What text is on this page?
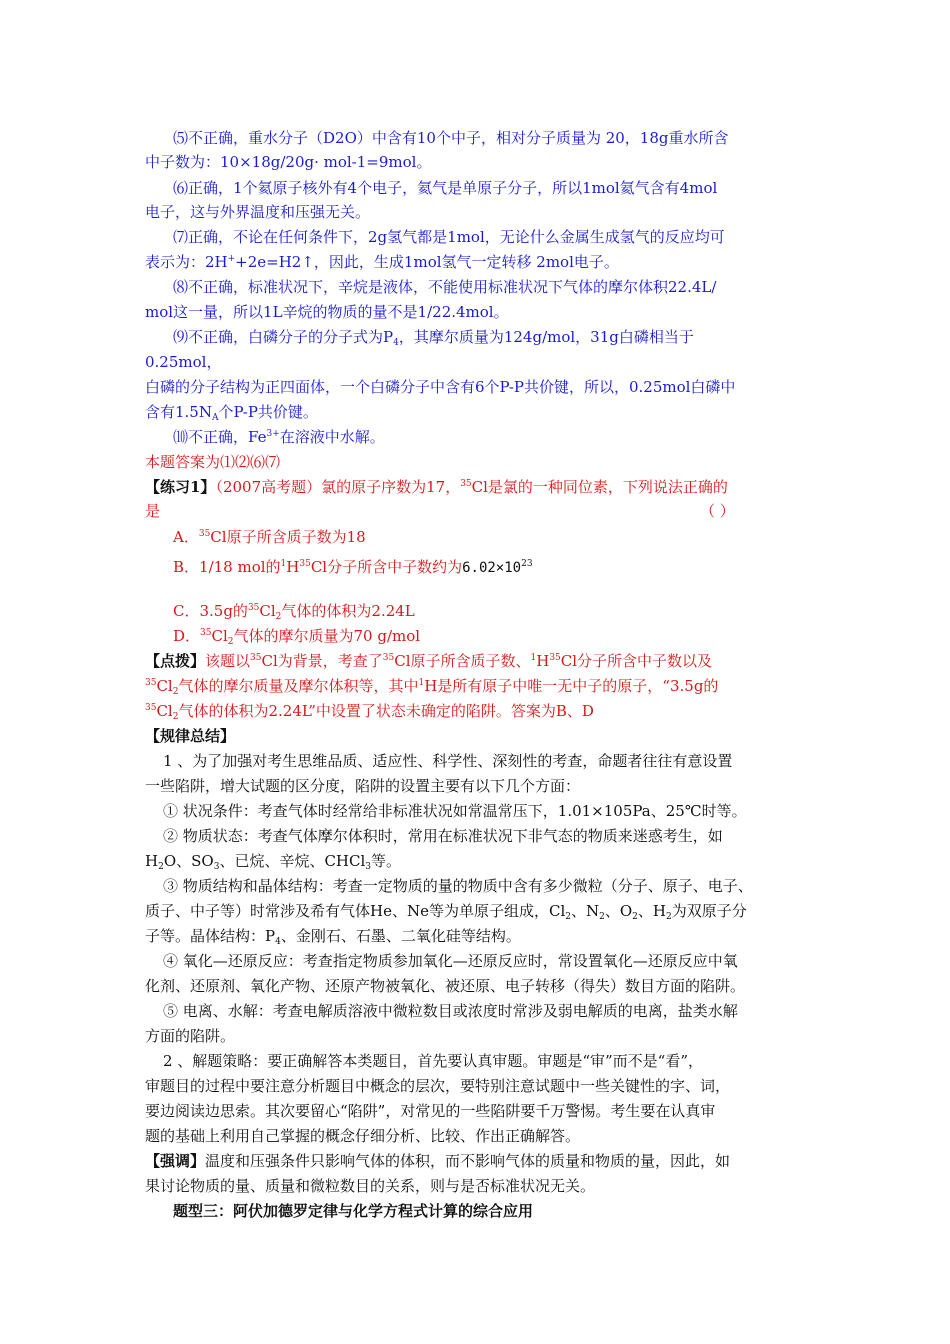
⑸不正确，重水分子（D2O）中含有10个中子，相对分子质量为 20，18g重水所含
中子数为：10×18g/20g· mol-1=9mol。
⑹正确，1个氦原子核外有4个电子，氦气是单原子分子，所以1mol氦气含有4mol
电子，这与外界温度和压强无关。
⑺正确，不论在任何条件下，2g氢气都是1mol，无论什么金属生成氢气的反应均可
表示为：2H++2e=H2↑，因此，生成1mol氢气一定转移 2mol电子。
⑻不正确，标准状况下，辛烷是液体，不能使用标准状况下气体的摩尔体积22.4L/
mol这一量，所以1L辛烷的物质的量不是1/22.4mol。
⑼不正确，白磷分子的分子式为$P_4$，其摩尔质量为124g/mol，31g白磷相当于
0.25mol，
白磷的分子结构为正四面体，一个白磷分子中含有6个P-P共价键，所以，0.25mol白磷中
含有$1.5N_A$个P-P共价键。
⑽不正确，$Fe^{3+}$在溶液中水解。
本题答案为⑴⑵⑹⑺
【练习1】（2007高考题）氯的原子序数为17，$^{35}$Cl是氯的一种同位素，下列说法正确的
是	（ ）
A．$^{35}$Cl原子所含质子数为18
B．1/18 mol的$^1H^{35}Cl$分子所含中子数约为$6.02\times 10^{23}$
C．3.5g的$^{35}Cl_2$气体的体积为2.24L
D．$^{35}Cl_2$气体的摩尔质量为70 g/mol
【点拨】该题以$^{35}$Cl为背景，考查了$^{35}$Cl原子所含质子数、$^1H^{35}Cl$分子所含中子数以及
$^{35}Cl_2$气体的摩尔质量及摩尔体积等，其中$^1$H是所有原子中唯一无中子的原子，“3.5g的
$^{35}Cl_2$气体的体积为2.24L”中设置了状态未确定的陷阱。答案为B、D
【规律总结】
1 、为了加强对考生思维品质、适应性、科学性、深刻性的考查，命题者往往有意设置
一些陷阱，增大试题的区分度，陷阱的设置主要有以下几个方面：
① 状况条件：考查气体时经常给非标准状况如常温常压下，1.01×105Pa、25℃时等。
② 物质状态：考查气体摩尔体积时，常用在标准状况下非气态的物质来迷惑考生，如
$H_2O$、$SO_3$、已烷、辛烷、CHCl$_3$等。
③ 物质结构和晶体结构：考查一定物质的量的物质中含有多少微粒（分子、原子、电子、
质子、中子等）时常涉及希有气体He、Ne等为单原子组成，$Cl_2$、$N_2$、$O_2$、$H_2$为双原子分
子等。晶体结构：$P_4$、金刚石、石墨、二氧化硅等结构。
④ 氧化—还原反应：考查指定物质参加氧化—还原反应时，常设置氧化—还原反应中氧
化剂、还原剂、氧化产物、还原产物被氧化、被还原、电子转移（得失）数目方面的陷阱。
⑤ 电离、水解：考查电解质溶液中微粒数目或浓度时常涉及弱电解质的电离，盐类水解
方面的陷阱。
2 、解题策略：要正确解答本类题目，首先要认真审题。审题是“审”而不是“看”，
审题目的过程中要注意分析题目中概念的层次，要特别注意试题中一些关键性的字、词，
要边阅读边思索。其次要留心“陷阱”，对常见的一些陷阱要千万警惕。考生要在认真审
题的基础上利用自己掌握的概念仔细分析、比较、作出正确解答。
【强调】温度和压强条件只影响气体的体积，而不影响气体的质量和物质的量，因此，如
果讨论物质的量、质量和微粒数目的关系，则与是否标准状况无关。
题型三：阿伏加德罗定律与化学方程式计算的综合应用
